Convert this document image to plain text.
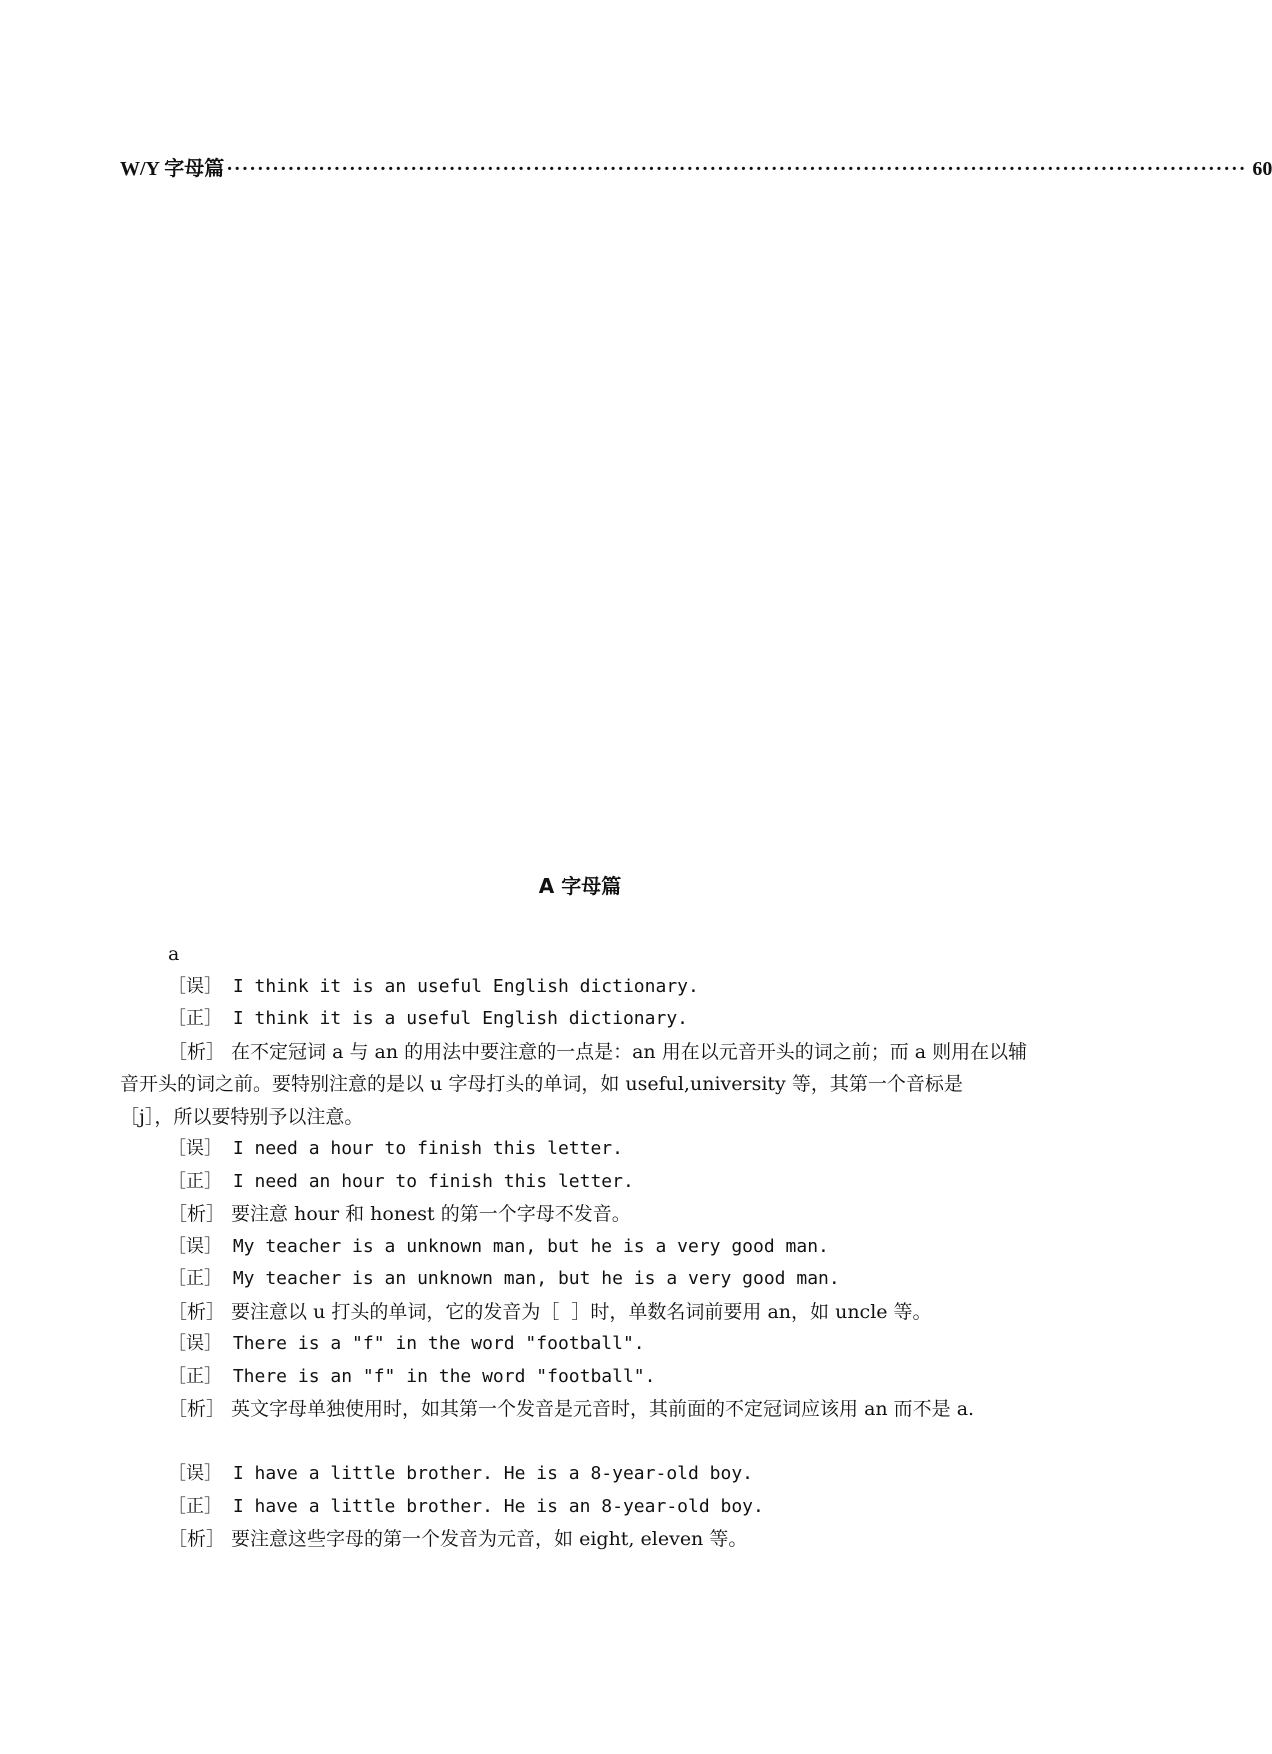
W/Y 字母篇 ····································································································································· 60
A 字母篇
a
［误］ I think it is an useful English dictionary.
［正］ I think it is a useful English dictionary.
［析］ 在不定冠词 a 与 an 的用法中要注意的一点是：an 用在以元音开头的词之前；而 a 则用在以辅
音开头的词之前。要特别注意的是以 u 字母打头的单词，如 useful,university 等，其第一个音标是
［j］，所以要特别予以注意。
［误］ I need a hour to finish this letter.
［正］ I need an hour to finish this letter.
［析］ 要注意 hour 和 honest 的第一个字母不发音。
［误］ My teacher is a unknown man, but he is a very good man.
［正］ My teacher is an unknown man, but he is a very good man.
［析］ 要注意以 u 打头的单词，它的发音为［  ］时，单数名词前要用 an，如 uncle 等。
［误］ There is a "f" in the word "football".
［正］ There is an "f" in the word "football".
［析］ 英文字母单独使用时，如其第一个发音是元音时，其前面的不定冠词应该用 an 而不是 a.
［误］ I have a little brother. He is a 8-year-old boy.
［正］ I have a little brother. He is an 8-year-old boy.
［析］ 要注意这些字母的第一个发音为元音，如 eight, eleven 等。
